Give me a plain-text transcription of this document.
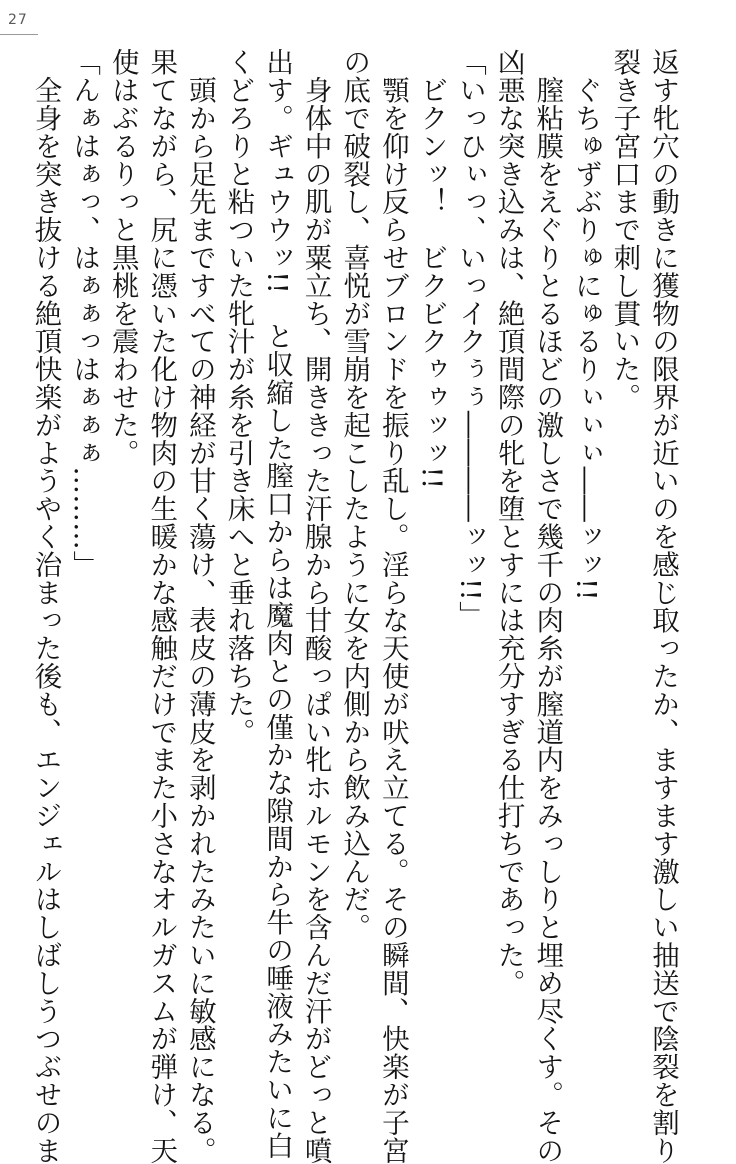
27
返す牝穴の動きに獲物の限界が近いのを感じ取ったか、ますます激しい抽送で陰裂を割り
裂き子宮口まで刺し貫いた。
　ぐちゅずぶりゅにゅるりぃぃぃ――ッッ!!
　膣粘膜をえぐりとるほどの激しさで幾千の肉糸が膣道内をみっしりと埋め尽くす。その
凶悪な突き込みは、絶頂間際の牝を堕とすには充分すぎる仕打ちであった。
「いっひぃっ、いっイクぅぅ――――ッッ!!」
　ビクンッ！　ビクビクゥゥッッ!!
　顎を仰け反らせブロンドを振り乱し。淫らな天使が吠え立てる。その瞬間、快楽が子宮
の底で破裂し、喜悦が雪崩を起こしたように女を内側から飲み込んだ。
　身体中の肌が粟立ち、開ききった汗腺から甘酸っぱい牝ホルモンを含んだ汗がどっと噴
出す。ギュウウッ!!　と収縮した膣口からは魔肉との僅かな隙間から牛の唾液みたいに白
くどろりと粘ついた牝汁が糸を引き床へと垂れ落ちた。
　頭から足先まですべての神経が甘く蕩け、表皮の薄皮を剥かれたみたいに敏感になる。
果てながら、尻に憑いた化け物肉の生暖かな感触だけでまた小さなオルガスムが弾け、天
使はぶるりっと黒桃を震わせた。
「んぁはぁっ、はぁぁっはぁぁぁ………」
　全身を突き抜ける絶頂快楽がようやく治まった後も、エンジェルはしばしうつぶせのま
